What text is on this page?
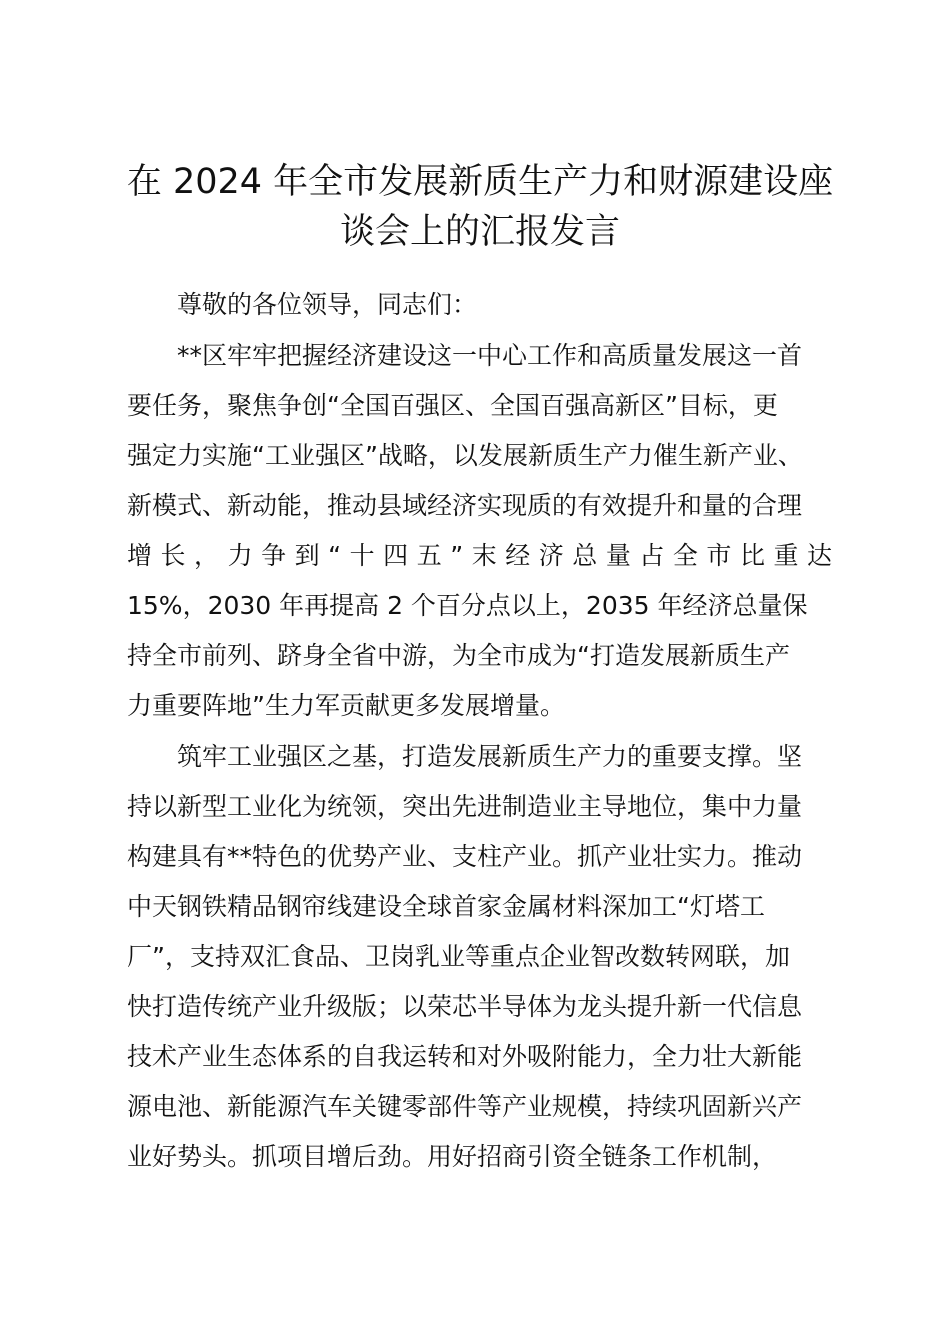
在 2024 年全市发展新质生产力和财源建设座
谈会上的汇报发言
尊敬的各位领导，同志们：
**区牢牢把握经济建设这一中心工作和高质量发展这一首
要任务，聚焦争创“全国百强区、全国百强高新区”目标，更
强定力实施“工业强区”战略，以发展新质生产力催生新产业、
新模式、新动能，推动县域经济实现质的有效提升和量的合理
增长，力争到“十四五”末经济总量占全市比重达
15%，2030 年再提高 2 个百分点以上，2035 年经济总量保
持全市前列、跻身全省中游，为全市成为“打造发展新质生产
力重要阵地”生力军贡献更多发展增量。
筑牢工业强区之基，打造发展新质生产力的重要支撑。坚
持以新型工业化为统领，突出先进制造业主导地位，集中力量
构建具有**特色的优势产业、支柱产业。抓产业壮实力。推动
中天钢铁精品钢帘线建设全球首家金属材料深加工“灯塔工
厂”，支持双汇食品、卫岗乳业等重点企业智改数转网联，加
快打造传统产业升级版；以荣芯半导体为龙头提升新一代信息
技术产业生态体系的自我运转和对外吸附能力，全力壮大新能
源电池、新能源汽车关键零部件等产业规模，持续巩固新兴产
业好势头。抓项目增后劲。用好招商引资全链条工作机制，
